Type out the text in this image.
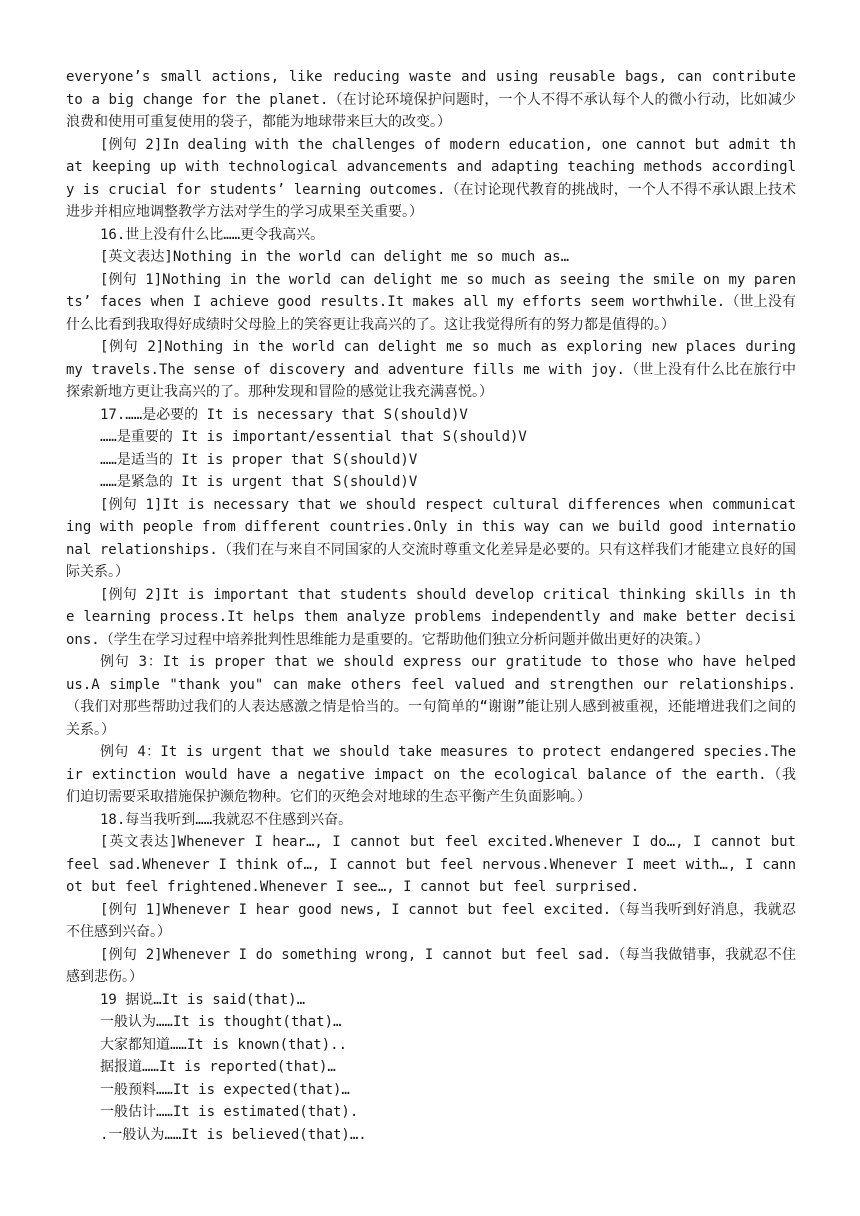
everyone’s small actions, like reducing waste and using reusable bags, can contribute to a big change for the planet.（在讨论环境保护问题时，一个人不得不承认每个人的微小行动，比如减少浪费和使用可重复使用的袋子，都能为地球带来巨大的改变。）

[例句 2]In dealing with the challenges of modern education, one cannot but admit that keeping up with technological advancements and adapting teaching methods accordingly is crucial for students’ learning outcomes.（在讨论现代教育的挑战时，一个人不得不承认跟上技术进步并相应地调整教学方法对学生的学习成果至关重要。）

16.世上没有什么比……更令我高兴。

[英文表达]Nothing in the world can delight me so much as…

[例句 1]Nothing in the world can delight me so much as seeing the smile on my parents’ faces when I achieve good results.It makes all my efforts seem worthwhile.（世上没有什么比看到我取得好成绩时父母脸上的笑容更让我高兴的了。这让我觉得所有的努力都是值得的。）

[例句 2]Nothing in the world can delight me so much as exploring new places during my travels.The sense of discovery and adventure fills me with joy.（世上没有什么比在旅行中探索新地方更让我高兴的了。那种发现和冒险的感觉让我充满喜悦。）

17.……是必要的 It is necessary that S(should)V

……是重要的 It is important/essential that S(should)V

……是适当的 It is proper that S(should)V

……是紧急的 It is urgent that S(should)V

[例句 1]It is necessary that we should respect cultural differences when communicating with people from different countries.Only in this way can we build good international relationships.（我们在与来自不同国家的人交流时尊重文化差异是必要的。只有这样我们才能建立良好的国际关系。）

[例句 2]It is important that students should develop critical thinking skills in the learning process.It helps them analyze problems independently and make better decisions.（学生在学习过程中培养批判性思维能力是重要的。它帮助他们独立分析问题并做出更好的决策。）

例句 3：It is proper that we should express our gratitude to those who have helped us.A simple "thank you" can make others feel valued and strengthen our relationships.（我们对那些帮助过我们的人表达感激之情是恰当的。一句简单的“谢谢”能让别人感到被重视，还能增进我们之间的关系。）

例句 4：It is urgent that we should take measures to protect endangered species.Their extinction would have a negative impact on the ecological balance of the earth.（我们迫切需要采取措施保护濒危物种。它们的灭绝会对地球的生态平衡产生负面影响。）

18.每当我听到……我就忍不住感到兴奋。

[英文表达]Whenever I hear…, I cannot but feel excited.Whenever I do…, I cannot but feel sad.Whenever I think of…, I cannot but feel nervous.Whenever I meet with…, I cannot but feel frightened.Whenever I see…, I cannot but feel surprised.

[例句 1]Whenever I hear good news, I cannot but feel excited.（每当我听到好消息，我就忍不住感到兴奋。）

[例句 2]Whenever I do something wrong, I cannot but feel sad.（每当我做错事，我就忍不住感到悲伤。）

19 据说…It is said(that)…

一般认为……It is thought(that)…

大家都知道……It is known(that)..

据报道……It is reported(that)…

一般预料……It is expected(that)…

一般估计……It is estimated(that).

.一般认为……It is believed(that)….
